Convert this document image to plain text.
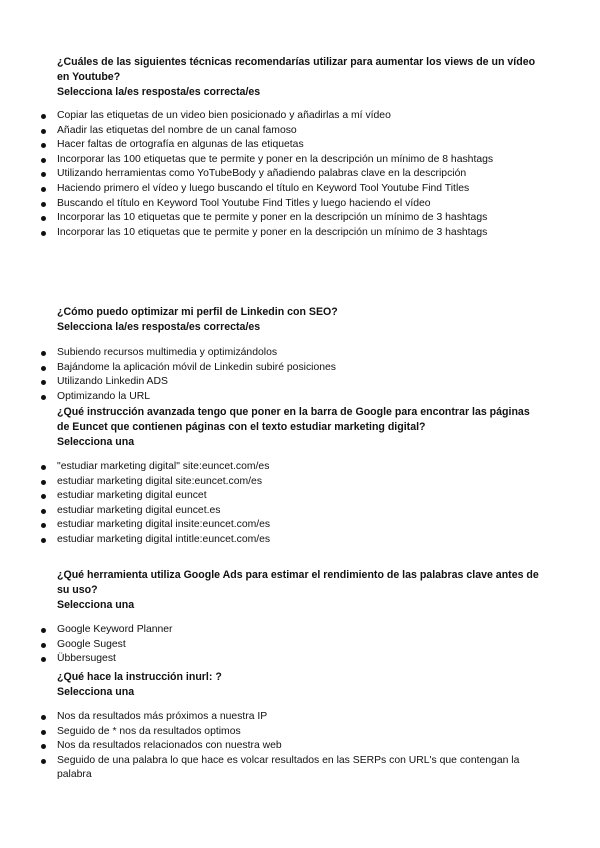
¿Cuáles de las siguientes técnicas recomendarías utilizar para aumentar los views de un vídeo en Youtube?

Selecciona la/es resposta/es correcta/es

Copiar las etiquetas de un video bien posicionado y añadirlas a mí vídeo
Añadir las etiquetas del nombre de un canal famoso
Hacer faltas de ortografía en algunas de las etiquetas
Incorporar las 100 etiquetas que te permite y poner en la descripción un mínimo de 8 hashtags
Utilizando herramientas como YoTubeBody y añadiendo palabras clave en la descripción
Haciendo primero el vídeo y luego buscando el título en Keyword Tool Youtube Find Titles
Buscando el título en Keyword Tool Youtube Find Titles y luego haciendo el vídeo
Incorporar las 10 etiquetas que te permite y poner en la descripción un mínimo de 3 hashtags
Incorporar las 10 etiquetas que te permite y poner en la descripción un mínimo de 3 hashtags

¿Cómo puedo optimizar mi perfil de Linkedin con SEO?

Selecciona la/es resposta/es correcta/es

Subiendo recursos multimedia y optimizándolos
Bajándome la aplicación móvil de Linkedin subiré posiciones
Utilizando Linkedin ADS
Optimizando la URL

¿Qué instrucción avanzada tengo que poner en la barra de Google para encontrar las páginas de Euncet que contienen páginas con el texto estudiar marketing digital?

Selecciona una

"estudiar marketing digital" site:euncet.com/es
estudiar marketing digital site:euncet.com/es
estudiar marketing digital euncet
estudiar marketing digital euncet.es
estudiar marketing digital insite:euncet.com/es
estudiar marketing digital intitle:euncet.com/es

¿Qué herramienta utiliza Google Ads para estimar el rendimiento de las palabras clave antes de su uso?

Selecciona una

Google Keyword Planner
Google Sugest
Übbersugest

¿Qué hace la instrucción inurl: ?

Selecciona una

Nos da resultados más próximos a nuestra IP
Seguido de * nos da resultados optimos
Nos da resultados relacionados con nuestra web
Seguido de una palabra lo que hace es volcar resultados en las SERPs con URL's que contengan la palabra
